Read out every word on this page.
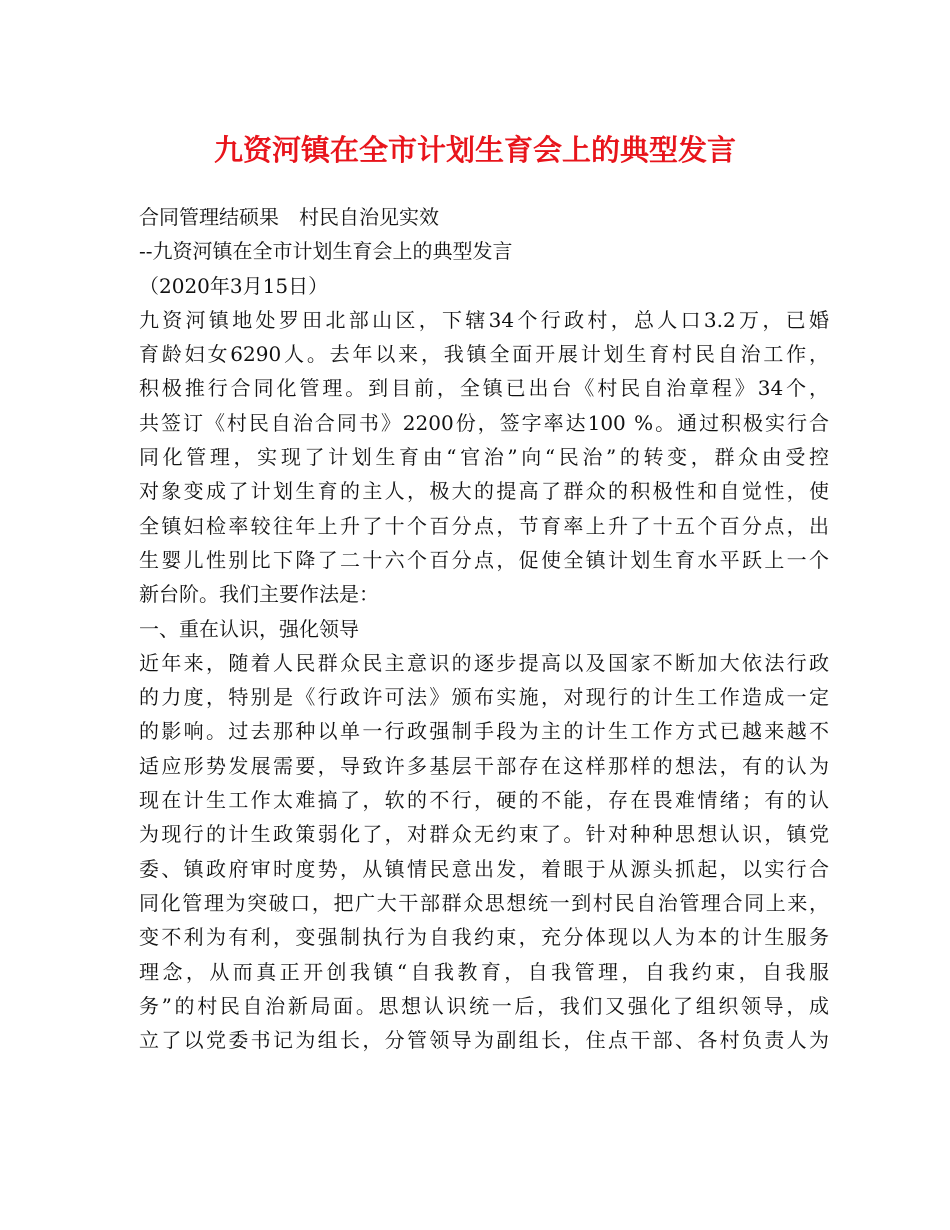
九资河镇在全市计划生育会上的典型发言
合同管理结硕果　村民自治见实效
--九资河镇在全市计划生育会上的典型发言
（2020年3月15日）
九资河镇地处罗田北部山区，下辖34个行政村，总人口3.2万，已婚
育龄妇女6290人。去年以来，我镇全面开展计划生育村民自治工作，
积极推行合同化管理。到目前，全镇已出台《村民自治章程》34个，
共签订《村民自治合同书》2200份，签字率达100 %。通过积极实行合
同化管理，实现了计划生育由“官治”向“民治”的转变，群众由受控
对象变成了计划生育的主人，极大的提高了群众的积极性和自觉性，使
全镇妇检率较往年上升了十个百分点，节育率上升了十五个百分点，出
生婴儿性别比下降了二十六个百分点，促使全镇计划生育水平跃上一个
新台阶。我们主要作法是：
一、重在认识，强化领导
近年来，随着人民群众民主意识的逐步提高以及国家不断加大依法行政
的力度，特别是《行政许可法》颁布实施，对现行的计生工作造成一定
的影响。过去那种以单一行政强制手段为主的计生工作方式已越来越不
适应形势发展需要，导致许多基层干部存在这样那样的想法，有的认为
现在计生工作太难搞了，软的不行，硬的不能，存在畏难情绪；有的认
为现行的计生政策弱化了，对群众无约束了。针对种种思想认识，镇党
委、镇政府审时度势，从镇情民意出发，着眼于从源头抓起，以实行合
同化管理为突破口，把广大干部群众思想统一到村民自治管理合同上来，
变不利为有利，变强制执行为自我约束，充分体现以人为本的计生服务
理念，从而真正开创我镇“自我教育，自我管理，自我约束，自我服
务”的村民自治新局面。思想认识统一后，我们又强化了组织领导，成
立了以党委书记为组长，分管领导为副组长，住点干部、各村负责人为
